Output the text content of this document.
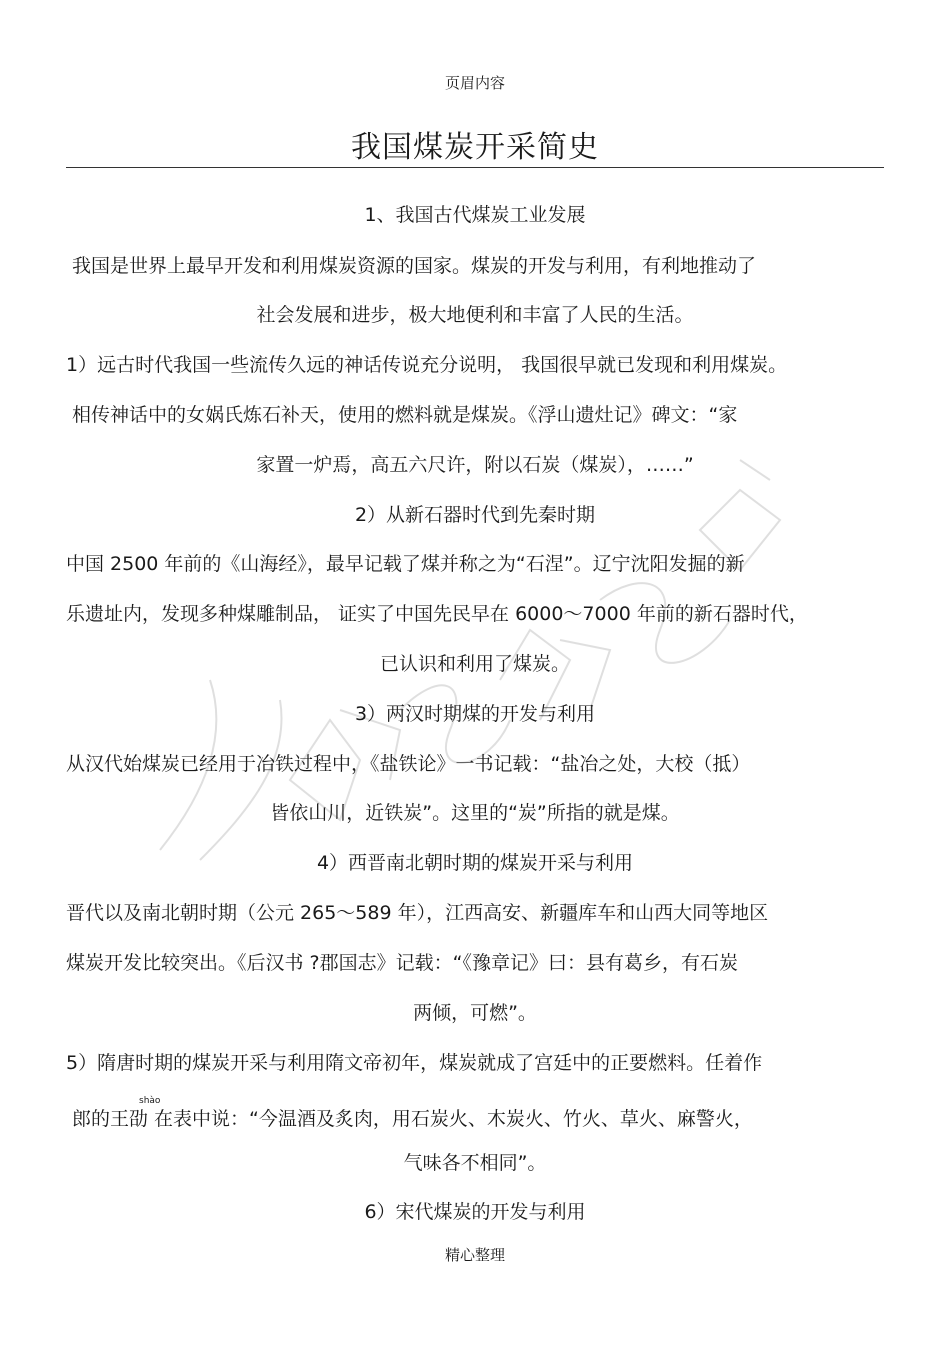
页眉内容
我国煤炭开采简史
1、我国古代煤炭工业发展
我国是世界上最早开发和利用煤炭资源的国家。煤炭的开发与利用，有利地推动了
社会发展和进步，极大地便利和丰富了人民的生活。
1）远古时代我国一些流传久远的神话传说充分说明， 我国很早就已发现和利用煤炭。
相传神话中的女娲氏炼石补天，使用的燃料就是煤炭。《浮山遗灶记》碑文：“家
家置一炉焉，高五六尺许，附以石炭（煤炭），……”
2）从新石器时代到先秦时期
中国 2500 年前的《山海经》，最早记载了煤并称之为“石涅”。辽宁沈阳发掘的新
乐遗址内，发现多种煤雕制品， 证实了中国先民早在 6000～7000 年前的新石器时代，
已认识和利用了煤炭。
3）两汉时期煤的开发与利用
从汉代始煤炭已经用于冶铁过程中，《盐铁论》一书记载：“盐冶之处，大校（抵）
皆依山川，近铁炭”。这里的“炭”所指的就是煤。
4）西晋南北朝时期的煤炭开采与利用
晋代以及南北朝时期（公元 265～589 年），江西高安、新疆库车和山西大同等地区
煤炭开发比较突出。《后汉书 ?郡国志》记载：“《豫章记》曰：县有葛乡，有石炭
两倾，可燃”。
5）隋唐时期的煤炭开采与利用隋文帝初年，煤炭就成了宫廷中的正要燃料。任着作
shào
郎的王劭 在表中说：“今温酒及炙肉，用石炭火、木炭火、竹火、草火、麻警火，
气味各不相同”。
6）宋代煤炭的开发与利用
精心整理
